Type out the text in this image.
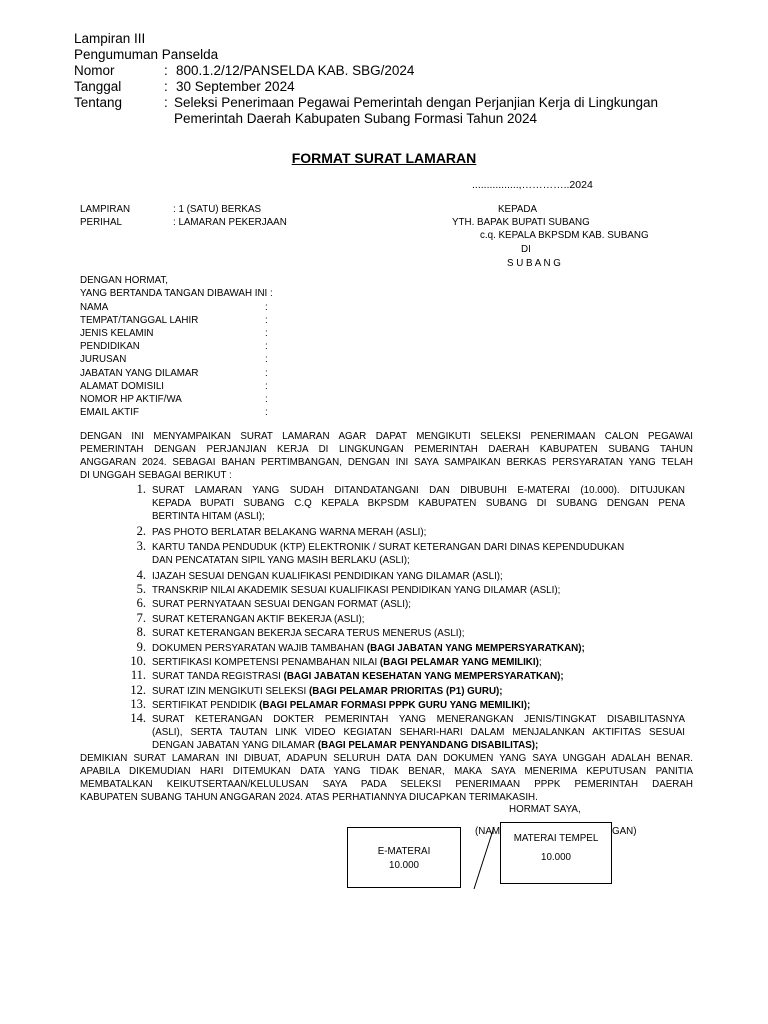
Lampiran III
Pengumuman Panselda
Nomor	: 800.1.2/12/PANSELDA KAB. SBG/2024
Tanggal	: 30 September 2024
Tentang	: Seleksi Penerimaan Pegawai Pemerintah dengan Perjanjian Kerja di Lingkungan
Pemerintah Daerah Kabupaten Subang Formasi Tahun 2024
FORMAT SURAT LAMARAN
................,…………..2024
LAMPIRAN	: 1 (SATU) BERKAS
PERIHAL	: LAMARAN PEKERJAAN
KEPADA
YTH. BAPAK BUPATI SUBANG
c.q. KEPALA BKPSDM KAB. SUBANG
DI
S U B A N G
DENGAN HORMAT,
YANG BERTANDA TANGAN DIBAWAH INI :
NAMA	:
TEMPAT/TANGGAL LAHIR	:
JENIS KELAMIN	:
PENDIDIKAN	:
JURUSAN	:
JABATAN YANG DILAMAR	:
ALAMAT DOMISILI	:
NOMOR HP AKTIF/WA	:
EMAIL AKTIF	:
DENGAN INI MENYAMPAIKAN SURAT LAMARAN AGAR DAPAT MENGIKUTI SELEKSI PENERIMAAN CALON PEGAWAI
PEMERINTAH DENGAN PERJANJIAN KERJA DI LINGKUNGAN PEMERINTAH DAERAH KABUPATEN SUBANG TAHUN
ANGGARAN 2024. SEBAGAI BAHAN PERTIMBANGAN, DENGAN INI SAYA SAMPAIKAN BERKAS PERSYARATAN YANG TELAH
DI UNGGAH SEBAGAI BERIKUT :
1. SURAT LAMARAN YANG SUDAH DITANDATANGANI DAN DIBUBUHI E-MATERAI (10.000). DITUJUKAN
KEPADA BUPATI SUBANG C.Q KEPALA BKPSDM KABUPATEN SUBANG DI SUBANG DENGAN PENA
BERTINTA HITAM (ASLI);
2. PAS PHOTO BERLATAR BELAKANG WARNA MERAH (ASLI);
3. KARTU TANDA PENDUDUK (KTP) ELEKTRONIK / SURAT KETERANGAN DARI DINAS KEPENDUDUKAN
DAN PENCATATAN SIPIL YANG MASIH BERLAKU (ASLI);
4. IJAZAH SESUAI DENGAN KUALIFIKASI PENDIDIKAN YANG DILAMAR (ASLI);
5. TRANSKRIP NILAI AKADEMIK SESUAI KUALIFIKASI PENDIDIKAN YANG DILAMAR (ASLI);
6. SURAT PERNYATAAN SESUAI DENGAN FORMAT (ASLI);
7. SURAT KETERANGAN AKTIF BEKERJA (ASLI);
8. SURAT KETERANGAN BEKERJA SECARA TERUS MENERUS (ASLI);
9. DOKUMEN PERSYARATAN WAJIB TAMBAHAN (BAGI JABATAN YANG MEMPERSYARATKAN);
10. SERTIFIKASI KOMPETENSI PENAMBAHAN NILAI (BAGI PELAMAR YANG MEMILIKI);
11. SURAT TANDA REGISTRASI (BAGI JABATAN KESEHATAN YANG MEMPERSYARATKAN);
12. SURAT IZIN MENGIKUTI SELEKSI (BAGI PELAMAR PRIORITAS (P1) GURU);
13. SERTIFIKAT PENDIDIK (BAGI PELAMAR FORMASI PPPK GURU YANG MEMILIKI);
14. SURAT KETERANGAN DOKTER PEMERINTAH YANG MENERANGKAN JENIS/TINGKAT DISABILITASNYA
(ASLI), SERTA TAUTAN LINK VIDEO KEGIATAN SEHARI-HARI DALAM MENJALANKAN AKTIFITAS SESUAI
DENGAN JABATAN YANG DILAMAR (BAGI PELAMAR PENYANDANG DISABILITAS);
DEMIKIAN SURAT LAMARAN INI DIBUAT, ADAPUN SELURUH DATA DAN DOKUMEN YANG SAYA UNGGAH ADALAH BENAR.
APABILA DIKEMUDIAN HARI DITEMUKAN DATA YANG TIDAK BENAR, MAKA SAYA MENERIMA KEPUTUSAN PANITIA
MEMBATALKAN KEIKUTSERTAAN/KELULUSAN SAYA PADA SELEKSI PENERIMAAN PPPK PEMERINTAH DAERAH
KABUPATEN SUBANG TAHUN ANGGARAN 2024. ATAS PERHATIANNYA DIUCAPKAN TERIMAKASIH.
HORMAT SAYA,
(NAM	GAN)
E-MATERAI
10.000
MATERAI TEMPEL
10.000
